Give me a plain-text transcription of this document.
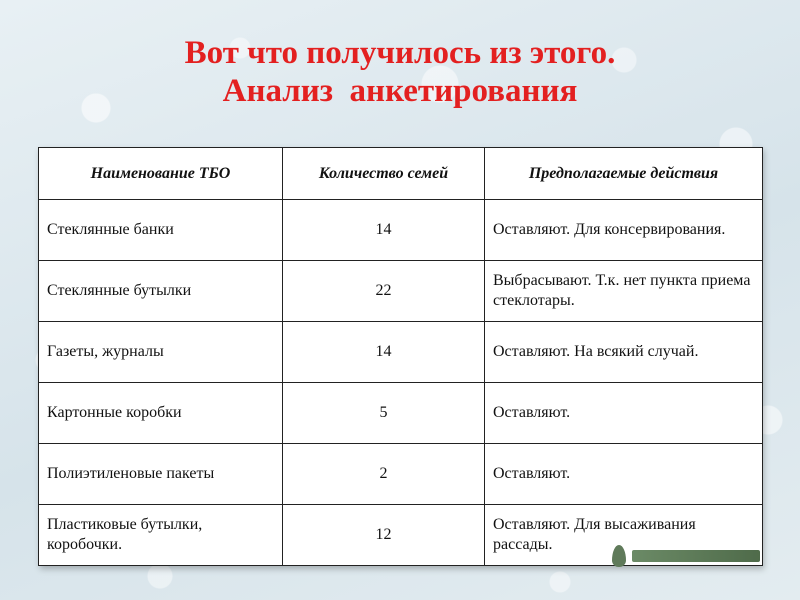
Вот что получилось из этого.
Анализ  анкетирования
Наименование ТБО	Количество семей	Предполагаемые действия
Стеклянные банки	14	Оставляют. Для консервирования.
Стеклянные бутылки	22	Выбрасывают. Т.к. нет пункта приема стеклотары.
Газеты, журналы	14	Оставляют. На всякий случай.
Картонные коробки	5	Оставляют.
Полиэтиленовые пакеты	2	Оставляют.
Пластиковые бутылки, коробочки.	12	Оставляют. Для высаживания рассады.
